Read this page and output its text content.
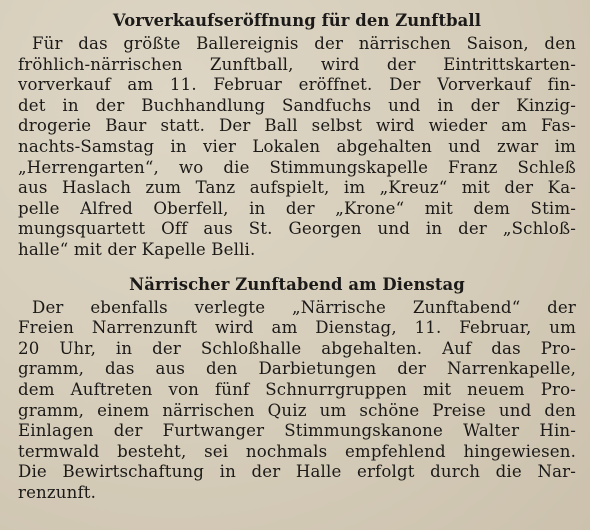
Vorverkaufseröffnung für den Zunftball

Für das größte Ballereignis der närrischen Saison, den
fröhlich-närrischen Zunftball, wird der Eintrittskarten-
vorverkauf am 11. Februar eröffnet. Der Vorverkauf fin-
det in der Buchhandlung Sandfuchs und in der Kinzig-
drogerie Baur statt. Der Ball selbst wird wieder am Fas-
nachts-Samstag in vier Lokalen abgehalten und zwar im
„Herrengarten“, wo die Stimmungskapelle Franz Schleß
aus Haslach zum Tanz aufspielt, im „Kreuz“ mit der Ka-
pelle Alfred Oberfell, in der „Krone“ mit dem Stim-
mungsquartett Off aus St. Georgen und in der „Schloß-
halle“ mit der Kapelle Belli.

Närrischer Zunftabend am Dienstag

Der ebenfalls verlegte „Närrische Zunftabend“ der
Freien Narrenzunft wird am Dienstag, 11. Februar, um
20 Uhr, in der Schloßhalle abgehalten. Auf das Pro-
gramm, das aus den Darbietungen der Narrenkapelle,
dem Auftreten von fünf Schnurrgruppen mit neuem Pro-
gramm, einem närrischen Quiz um schöne Preise und den
Einlagen der Furtwanger Stimmungskanone Walter Hin-
termwald besteht, sei nochmals empfehlend hingewiesen.
Die Bewirtschaftung in der Halle erfolgt durch die Nar-
renzunft.
